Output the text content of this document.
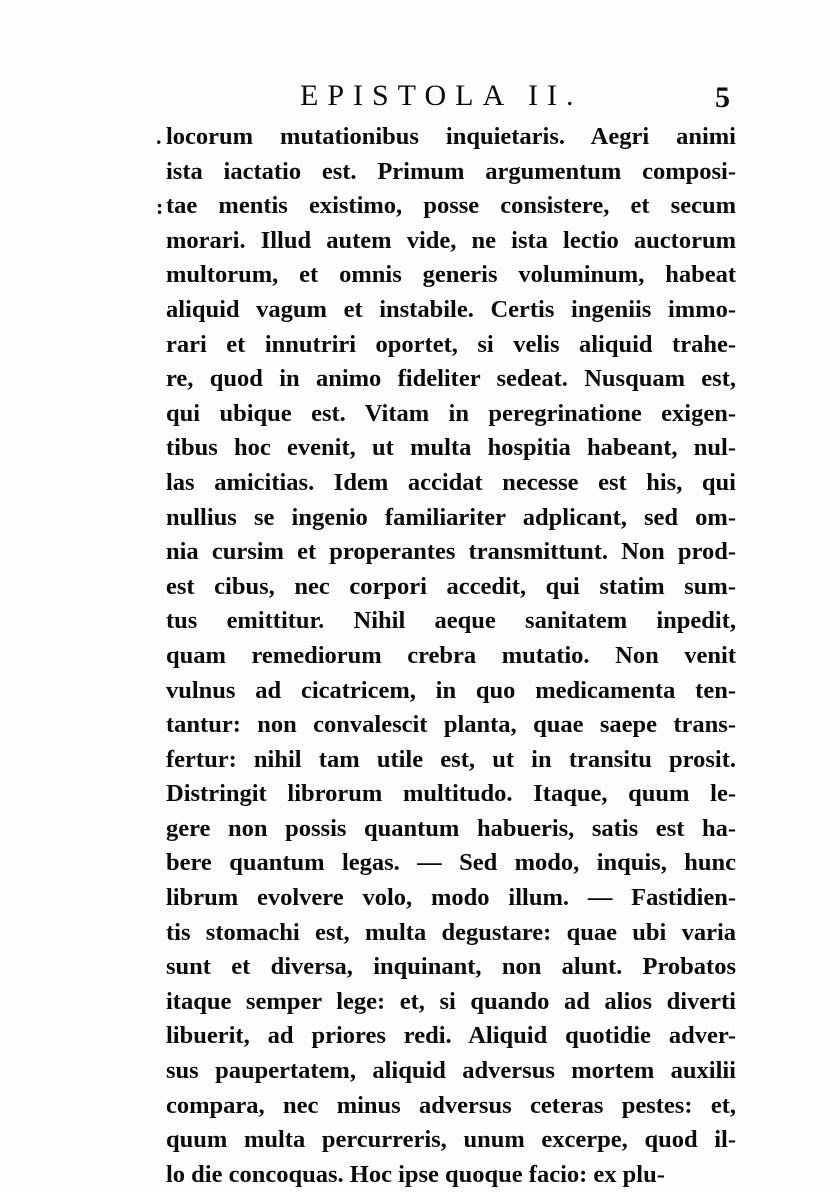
EPISTOLA II.	5
.
:
locorum mutationibus inquietaris. Aegri animi
ista iactatio est. Primum argumentum composi-
tae mentis existimo, posse consistere, et secum
morari. Illud autem vide, ne ista lectio auctorum
multorum, et omnis generis voluminum, habeat
aliquid vagum et instabile. Certis ingeniis immo-
rari et innutriri oportet, si velis aliquid trahe-
re, quod in animo fideliter sedeat. Nusquam est,
qui ubique est. Vitam in peregrinatione exigen-
tibus hoc evenit, ut multa hospitia habeant, nul-
las amicitias. Idem accidat necesse est his, qui
nullius se ingenio familiariter adplicant, sed om-
nia cursim et properantes transmittunt. Non prod-
est cibus, nec corpori accedit, qui statim sum-
tus emittitur. Nihil aeque sanitatem inpedit,
quam remediorum crebra mutatio. Non venit
vulnus ad cicatricem, in quo medicamenta ten-
tantur: non convalescit planta, quae saepe trans-
fertur: nihil tam utile est, ut in transitu prosit.
Distringit librorum multitudo. Itaque, quum le-
gere non possis quantum habueris, satis est ha-
bere quantum legas. — Sed modo, inquis, hunc
librum evolvere volo, modo illum. — Fastidien-
tis stomachi est, multa degustare: quae ubi varia
sunt et diversa, inquinant, non alunt. Probatos
itaque semper lege: et, si quando ad alios diverti
libuerit, ad priores redi. Aliquid quotidie adver-
sus paupertatem, aliquid adversus mortem auxilii
compara, nec minus adversus ceteras pestes: et,
quum multa percurreris, unum excerpe, quod il-
lo die concoquas. Hoc ipse quoque facio: ex plu-
